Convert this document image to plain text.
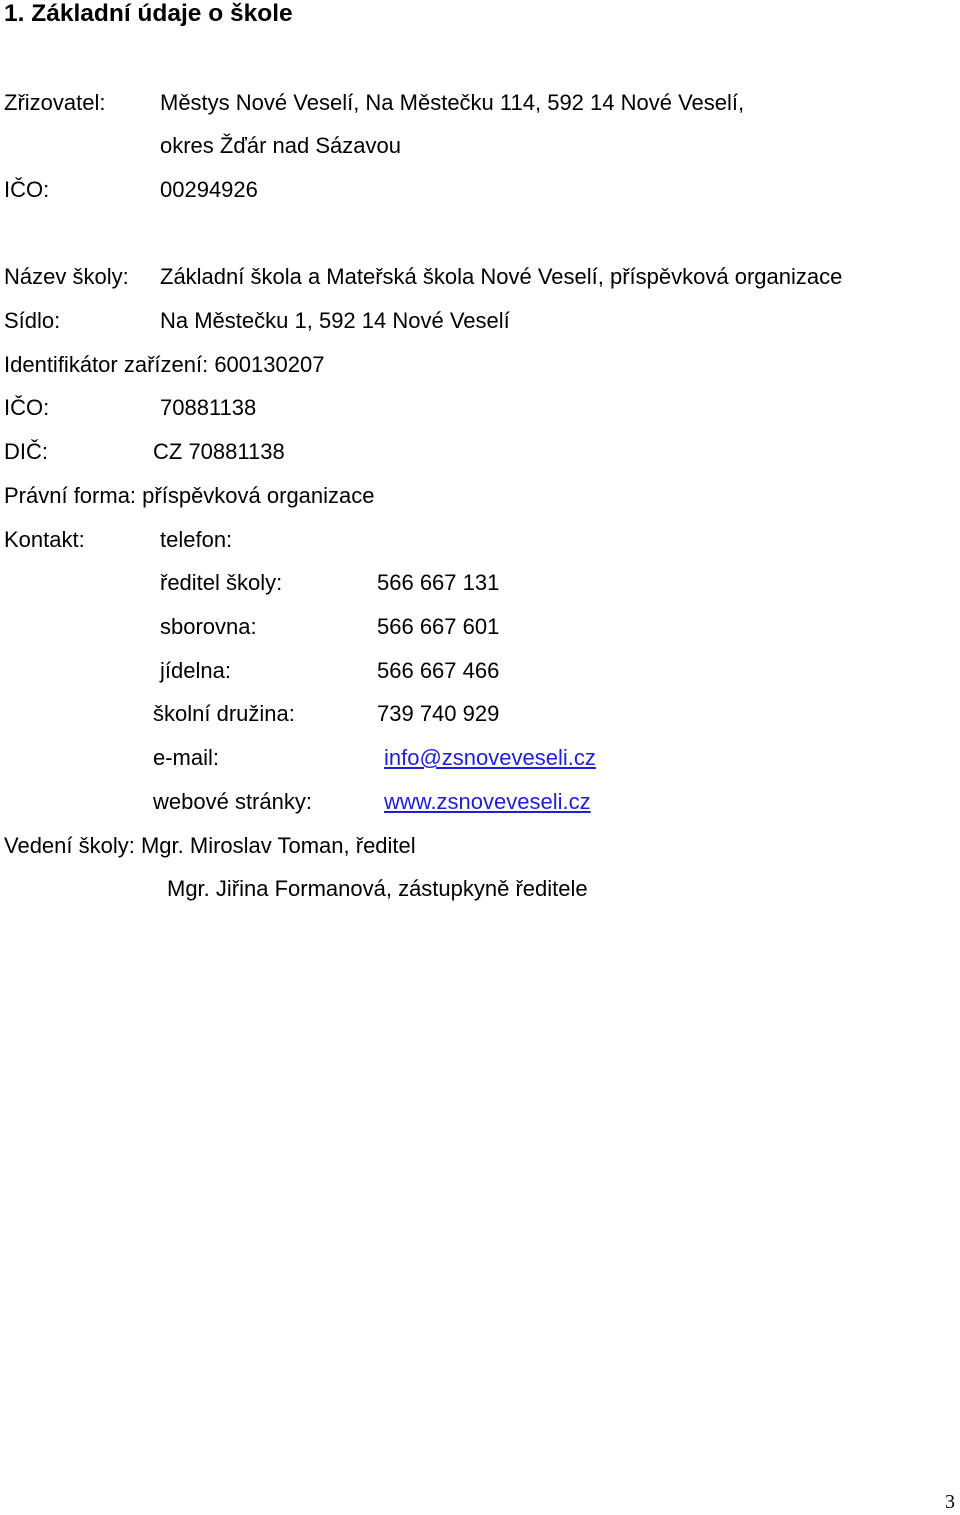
1. Základní údaje o škole
Zřizovatel: Městys Nové Veselí, Na Městečku 114, 592 14 Nové Veselí,
okres Žďár nad Sázavou
IČO:	00294926
Název školy: Základní škola a Mateřská škola Nové Veselí, příspěvková organizace
Sídlo:	Na Městečku 1, 592 14 Nové Veselí
Identifikátor zařízení: 600130207
IČO:	70881138
DIČ:	CZ 70881138
Právní forma: příspěvková organizace
Kontakt:	telefon:
ředitel školy:	566 667 131
sborovna:	566 667 601
jídelna:	566 667 466
školní družina:	739 740 929
e-mail:	info@zsnoveveseli.cz
webové stránky:	www.zsnoveveseli.cz
Vedení školy: Mgr. Miroslav Toman, ředitel
Mgr. Jiřina Formanová, zástupkyně ředitele
3
